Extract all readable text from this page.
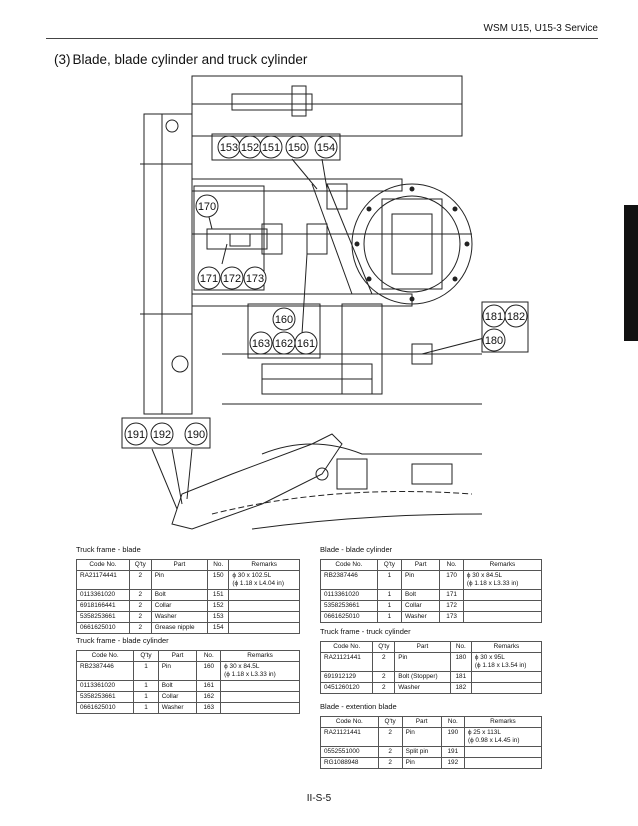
WSM U15, U15-3 Service
(3) Blade, blade cylinder and truck cylinder
153 152 151 150 154
170
171 172 173
160
163 162 161
181 182
180
191 192 190
Truck frame - blade
Code No.	Q'ty	Part	No.	Remarks
RA21174441	2	Pin	150	ϕ 30 x 102.5L
(ϕ 1.18 x L4.04 in)

0113361020	2	Bolt	151	
6918166441	2	Collar	152	
5358253661	2	Washer	153	
0661625010	2	Grease nipple	154	
Truck frame - blade cylinder
Code No.	Q'ty	Part	No.	Remarks
RB2387446	1	Pin	160	ϕ 30 x 84.5L
(ϕ 1.18 x L3.33 in)

0113361020	1	Bolt	161	
5358253661	1	Collar	162	
0661625010	1	Washer	163	
Blade - blade cylinder
Code No.	Q'ty	Part	No.	Remarks
RB2387446	1	Pin	170	ϕ 30 x 84.5L
(ϕ 1.18 x L3.33 in)

0113361020	1	Bolt	171	
5358253661	1	Collar	172	
0661625010	1	Washer	173	
Truck frame - truck cylinder
Code No.	Q'ty	Part	No.	Remarks
RA21121441	2	Pin	180	ϕ 30 x 95L
(ϕ 1.18 x L3.54 in)

691912129	2	Bolt (Stopper)	181	
0451260120	2	Washer	182	
Blade - extention blade
Code No.	Q'ty	Part	No.	Remarks
RA21121441	2	Pin	190	ϕ 25 x 113L
(ϕ 0.98 x L4.45 in)

0552551000	2	Split pin	191	
RG1088948	2	Pin	192	
II-S-5
